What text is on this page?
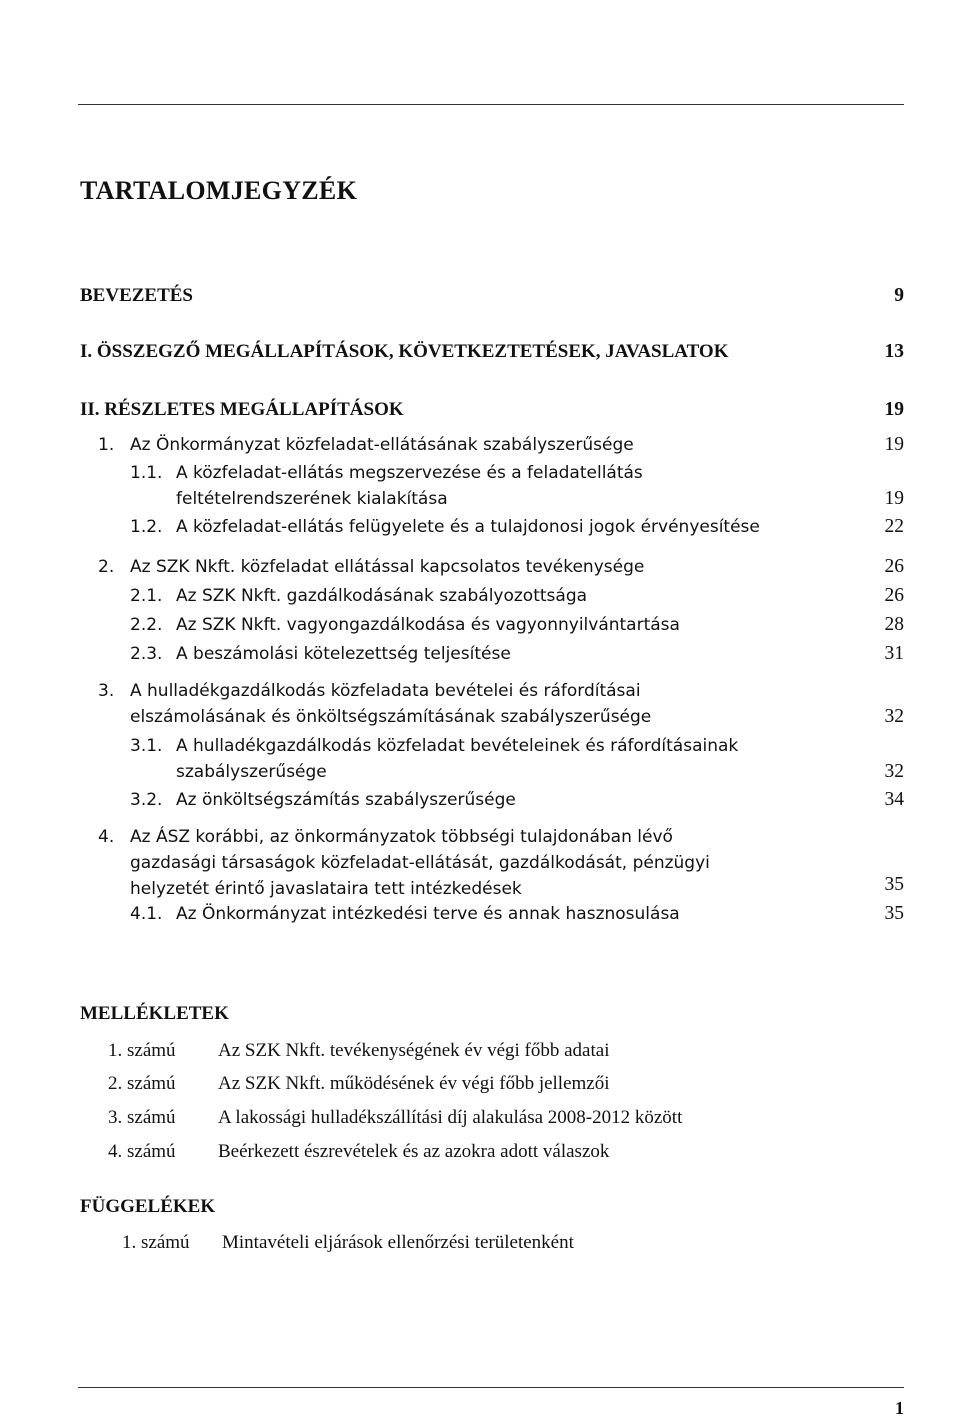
TARTALOMJEGYZÉK
BEVEZETÉS	9
I. ÖSSZEGZŐ MEGÁLLAPÍTÁSOK, KÖVETKEZTETÉSEK, JAVASLATOK	13
II. RÉSZLETES MEGÁLLAPÍTÁSOK	19
1. Az Önkormányzat közfeladat-ellátásának szabályszerűsége	19
1.1. A közfeladat-ellátás megszervezése és a feladatellátás
feltételrendszerének kialakítása	19
1.2. A közfeladat-ellátás felügyelete és a tulajdonosi jogok érvényesítése	22
2. Az SZK Nkft. közfeladat ellátással kapcsolatos tevékenysége	26
2.1. Az SZK Nkft. gazdálkodásának szabályozottsága	26
2.2. Az SZK Nkft. vagyongazdálkodása és vagyonnyilvántartása	28
2.3. A beszámolási kötelezettség teljesítése	31
3. A hulladékgazdálkodás közfeladata bevételei és ráfordításai
elszámolásának és önköltségszámításának szabályszerűsége	32
3.1. A hulladékgazdálkodás közfeladat bevételeinek és ráfordításainak
szabályszerűsége	32
3.2. Az önköltségszámítás szabályszerűsége	34
4. Az ÁSZ korábbi, az önkormányzatok többségi tulajdonában lévő
gazdasági társaságok közfeladat-ellátását, gazdálkodását, pénzügyi
helyzetét érintő javaslataira tett intézkedések	35
4.1. Az Önkormányzat intézkedési terve és annak hasznosulása	35
MELLÉKLETEK
1. számú Az SZK Nkft. tevékenységének év végi főbb adatai
2. számú Az SZK Nkft. működésének év végi főbb jellemzői
3. számú A lakossági hulladékszállítási díj alakulása 2008-2012 között
4. számú Beérkezett észrevételek és az azokra adott válaszok
FÜGGELÉKEK
1. számú Mintavételi eljárások ellenőrzési területenként
1
